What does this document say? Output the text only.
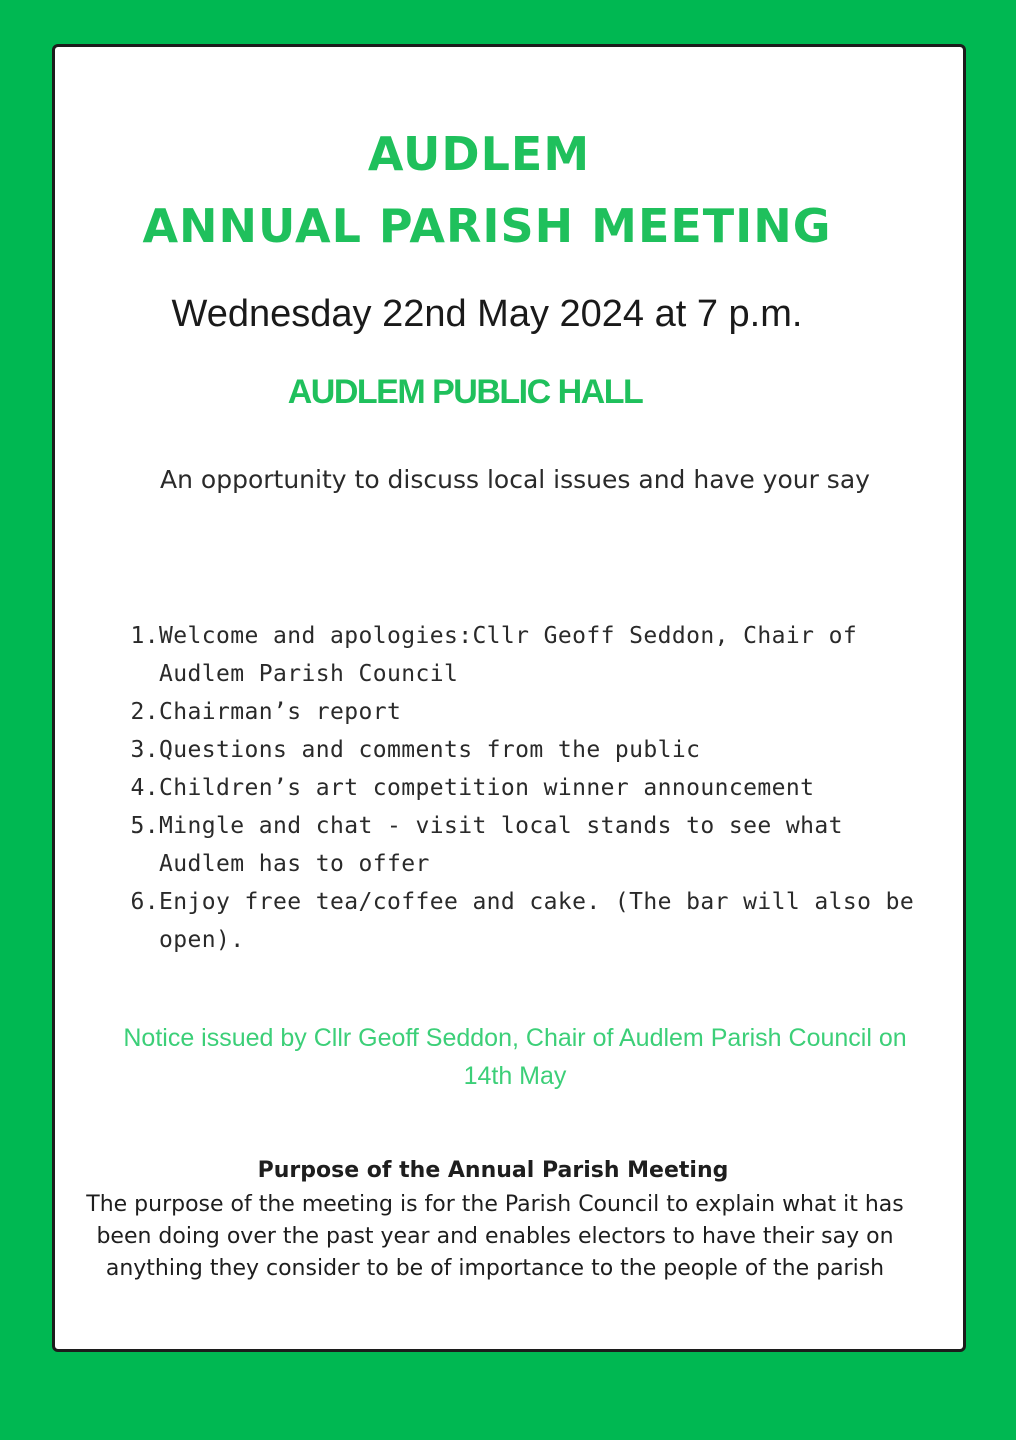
AUDLEM
ANNUAL PARISH MEETING
Wednesday 22nd May 2024 at 7 p.m.
AUDLEM PUBLIC HALL
An opportunity to discuss local issues and have your say
1. Welcome and apologies:Cllr Geoff Seddon, Chair of Audlem Parish Council
2. Chairman’s report
3. Questions and comments from the public
4. Children’s art competition winner announcement
5. Mingle and chat - visit local stands to see what Audlem has to offer
6. Enjoy free tea/coffee and cake. (The bar will also be open).
Notice issued by Cllr Geoff Seddon, Chair of Audlem Parish Council on 14th May
Purpose of the Annual Parish Meeting
The purpose of the meeting is for the Parish Council to explain what it has been doing over the past year and enables electors to have their say on anything they consider to be of importance to the people of the parish
